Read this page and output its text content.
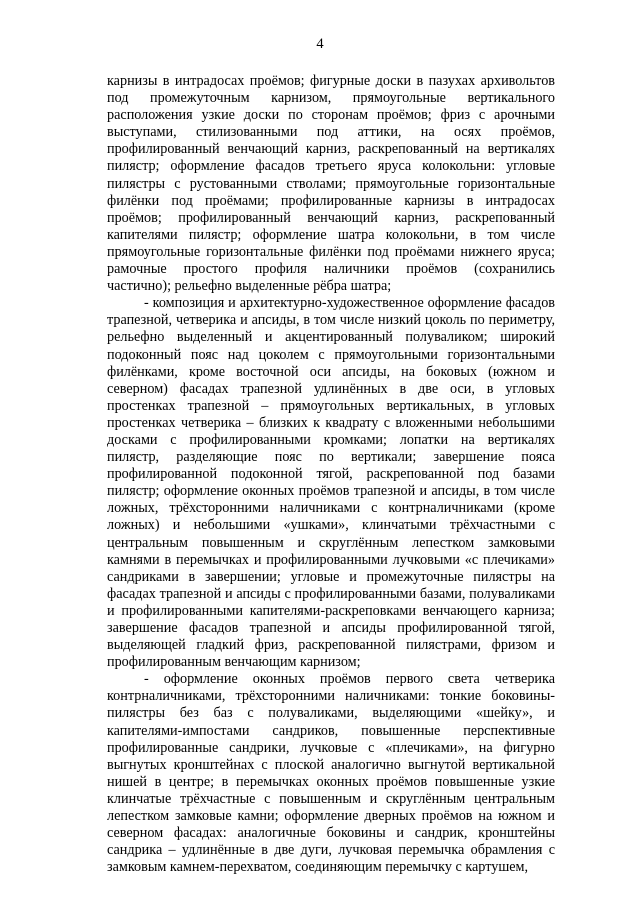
4

карнизы в интрадосах проёмов; фигурные доски в пазухах архивольтов под промежуточным карнизом, прямоугольные вертикального расположения узкие доски по сторонам проёмов; фриз с арочными выступами, стилизованными под аттики, на осях проёмов, профилированный венчающий карниз, раскрепованный на вертикалях пилястр; оформление фасадов третьего яруса колокольни: угловые пилястры с рустованными стволами; прямоугольные горизонтальные филёнки под проёмами; профилированные карнизы в интрадосах проёмов; профилированный венчающий карниз, раскрепованный капителями пилястр; оформление шатра колокольни, в том числе прямоугольные горизонтальные филёнки под проёмами нижнего яруса; рамочные простого профиля наличники проёмов (сохранились частично); рельефно выделенные рёбра шатра;

- композиция и архитектурно-художественное оформление фасадов трапезной, четверика и апсиды, в том числе низкий цоколь по периметру, рельефно выделенный и акцентированный полуваликом; широкий подоконный пояс над цоколем с прямоугольными горизонтальными филёнками, кроме восточной оси апсиды, на боковых (южном и северном) фасадах трапезной удлинённых в две оси, в угловых простенках трапезной – прямоугольных вертикальных, в угловых простенках четверика – близких к квадрату с вложенными небольшими досками с профилированными кромками; лопатки на вертикалях пилястр, разделяющие пояс по вертикали; завершение пояса профилированной подоконной тягой, раскрепованной под базами пилястр; оформление оконных проёмов трапезной и апсиды, в том числе ложных, трёхсторонними наличниками с контрналичниками (кроме ложных) и небольшими «ушками», клинчатыми трёхчастными с центральным повышенным и скруглённым лепестком замковыми камнями в перемычках и профилированными лучковыми «с плечиками» сандриками в завершении; угловые и промежуточные пилястры на фасадах трапезной и апсиды с профилированными базами, полуваликами и профилированными капителями-раскреповками венчающего карниза; завершение фасадов трапезной и апсиды профилированной тягой, выделяющей гладкий фриз, раскрепованной пилястрами, фризом и профилированным венчающим карнизом;

- оформление оконных проёмов первого света четверика контрналичниками, трёхсторонними наличниками: тонкие боковины-пилястры без баз с полуваликами, выделяющими «шейку», и капителями-импостами сандриков, повышенные перспективные профилированные сандрики, лучковые с «плечиками», на фигурно выгнутых кронштейнах с плоской аналогично выгнутой вертикальной нишей в центре; в перемычках оконных проёмов повышенные узкие клинчатые трёхчастные с повышенным и скруглённым центральным лепестком замковые камни; оформление дверных проёмов на южном и северном фасадах: аналогичные боковины и сандрик, кронштейны сандрика – удлинённые в две дуги, лучковая перемычка обрамления с замковым камнем-перехватом, соединяющим перемычку с картушем,
